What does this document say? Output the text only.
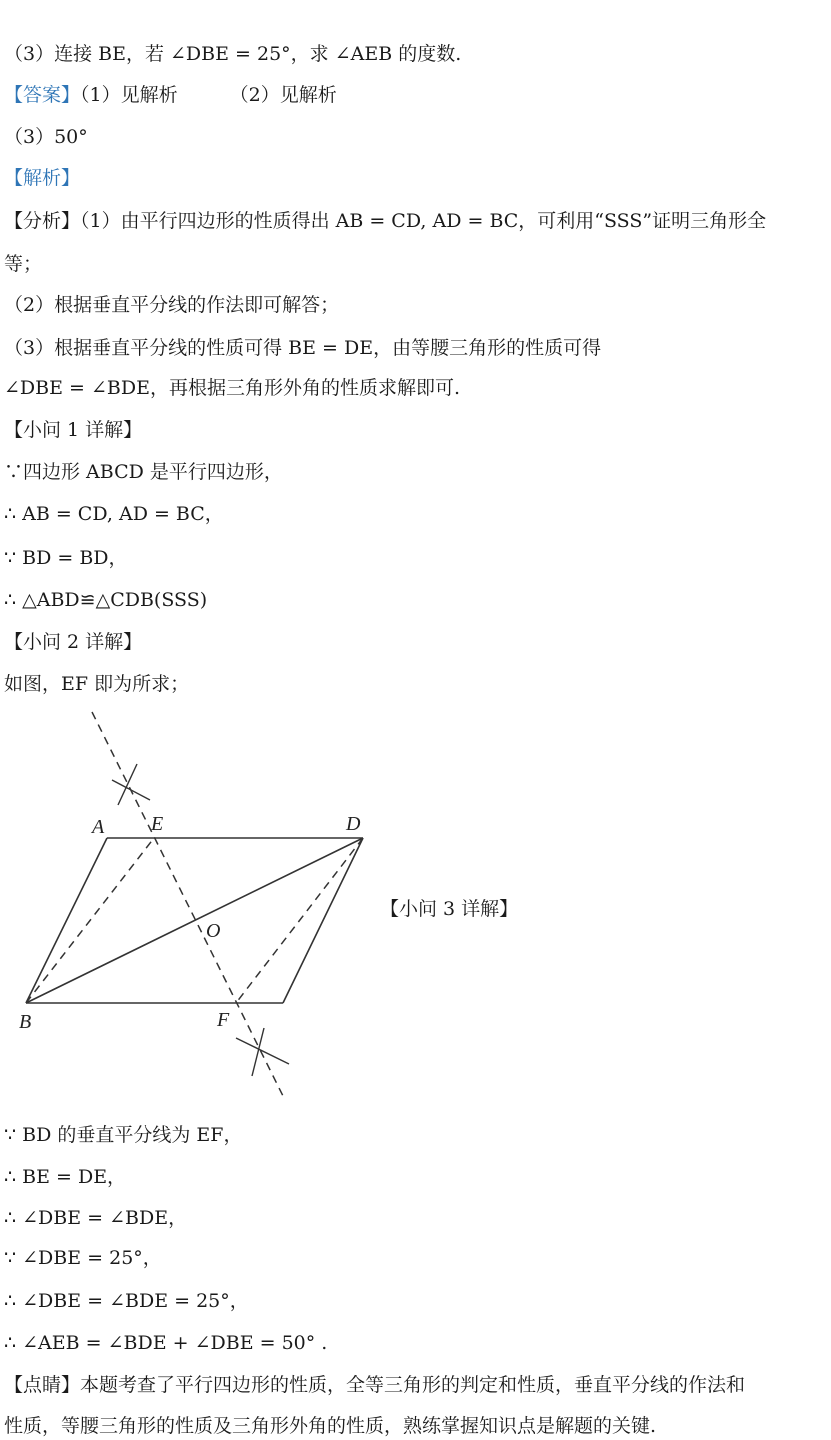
（3）连接 BE，若 ∠DBE = 25°，求 ∠AEB 的度数.
【答案】（1）见解析	（2）见解析
（3）50°
【解析】
【分析】（1）由平行四边形的性质得出 AB = CD, AD = BC，可利用“SSS”证明三角形全
等；
（2）根据垂直平分线的作法即可解答；
（3）根据垂直平分线的性质可得 BE = DE，由等腰三角形的性质可得
∠DBE = ∠BDE，再根据三角形外角的性质求解即可.
【小问 1 详解】
∵四边形 ABCD 是平行四边形，
∴ AB = CD, AD = BC，
∵ BD = BD，
∴ △ABD≌△CDB(SSS)
【小问 2 详解】
如图，EF 即为所求；
A E	D
O
B	F
【小问 3 详解】
∵ BD 的垂直平分线为 EF，
∴ BE = DE，
∴ ∠DBE = ∠BDE，
∵ ∠DBE = 25°，
∴ ∠DBE = ∠BDE = 25°，
∴ ∠AEB = ∠BDE + ∠DBE = 50° .
【点睛】本题考查了平行四边形的性质，全等三角形的判定和性质，垂直平分线的作法和
性质，等腰三角形的性质及三角形外角的性质，熟练掌握知识点是解题的关键.
